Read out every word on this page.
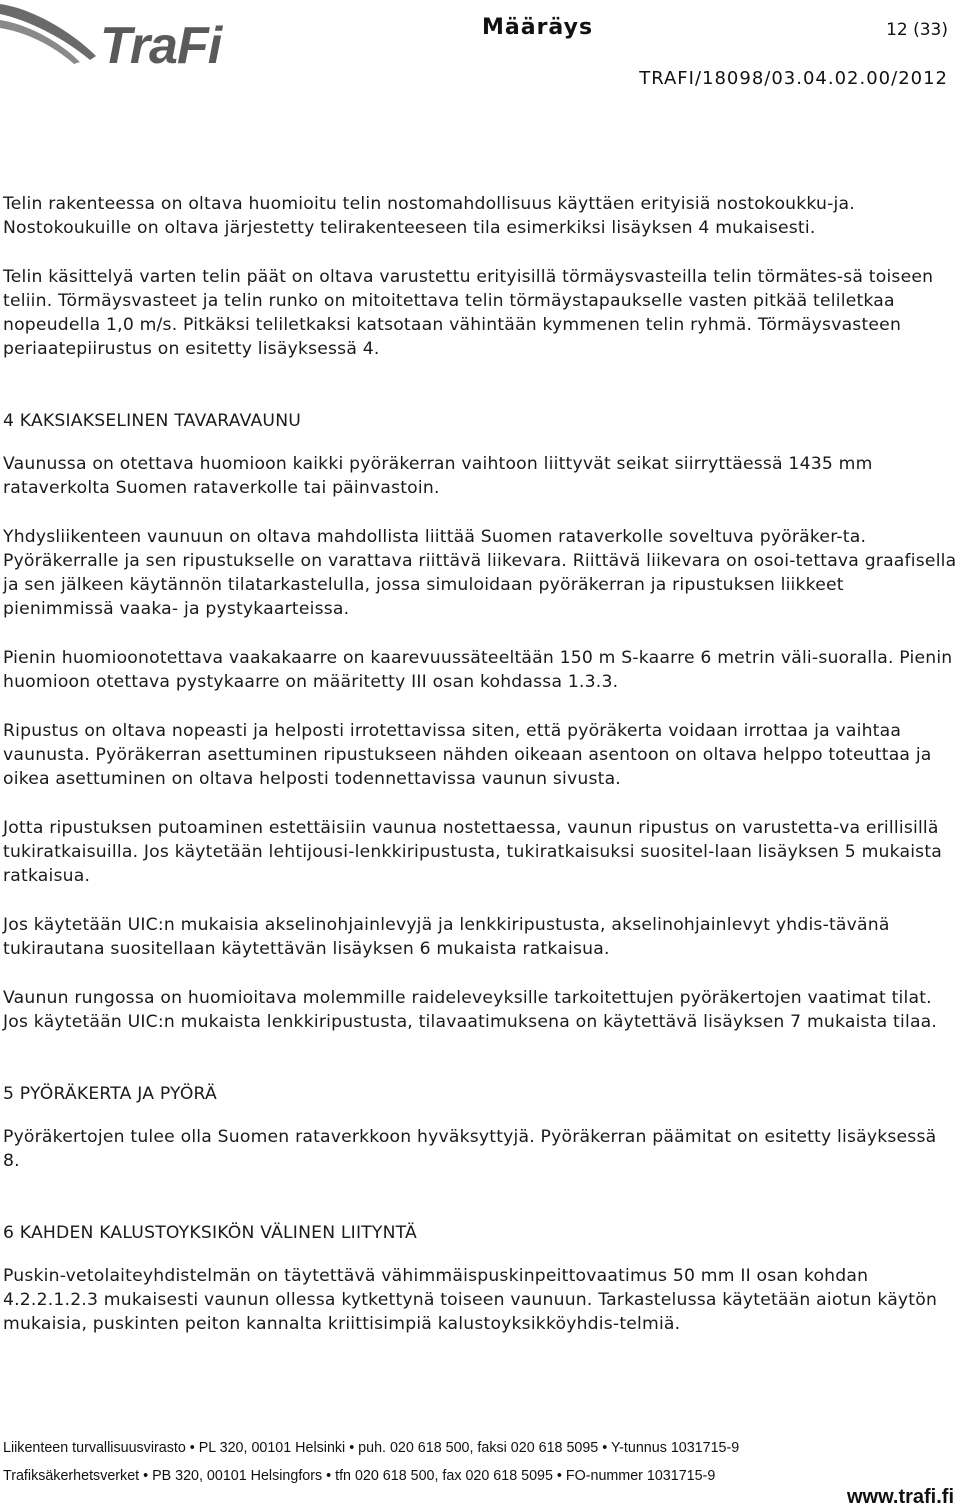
TraFi	Määräys	12 (33)
TRAFI/18098/03.04.02.00/2012

Telin rakenteessa on oltava huomioitu telin nostomahdollisuus käyttäen erityisiä nostokoukku-ja. Nostokoukuille on oltava järjestetty telirakenteeseen tila esimerkiksi lisäyksen 4 mukaisesti.

Telin käsittelyä varten telin päät on oltava varustettu erityisillä törmäysvasteilla telin törmätes-sä toiseen teliin. Törmäysvasteet ja telin runko on mitoitettava telin törmäystapaukselle vasten pitkää teliletkaa nopeudella 1,0 m/s. Pitkäksi teliletkaksi katsotaan vähintään kymmenen telin ryhmä. Törmäysvasteen periaatepiirustus on esitetty lisäyksessä 4.

4 KAKSIAKSELINEN TAVARAVAUNU

Vaunussa on otettava huomioon kaikki pyöräkerran vaihtoon liittyvät seikat siirryttäessä 1435 mm rataverkolta Suomen rataverkolle tai päinvastoin.

Yhdysliikenteen vaunuun on oltava mahdollista liittää Suomen rataverkolle soveltuva pyöräker-ta. Pyöräkerralle ja sen ripustukselle on varattava riittävä liikevara. Riittävä liikevara on osoi-tettava graafisella ja sen jälkeen käytännön tilatarkastelulla, jossa simuloidaan pyöräkerran ja ripustuksen liikkeet pienimmissä vaaka- ja pystykaarteissa.

Pienin huomioonotettava vaakakaarre on kaarevuussäteeltään 150 m S-kaarre 6 metrin väli-suoralla. Pienin huomioon otettava pystykaarre on määritetty III osan kohdassa 1.3.3.

Ripustus on oltava nopeasti ja helposti irrotettavissa siten, että pyöräkerta voidaan irrottaa ja vaihtaa vaunusta. Pyöräkerran asettuminen ripustukseen nähden oikeaan asentoon on oltava helppo toteuttaa ja oikea asettuminen on oltava helposti todennettavissa vaunun sivusta.

Jotta ripustuksen putoaminen estettäisiin vaunua nostettaessa, vaunun ripustus on varustetta-va erillisillä tukiratkaisuilla. Jos käytetään lehtijousi-lenkkiripustusta, tukiratkaisuksi suositel-laan lisäyksen 5 mukaista ratkaisua.

Jos käytetään UIC:n mukaisia akselinohjainlevyjä ja lenkkiripustusta, akselinohjainlevyt yhdis-tävänä tukirautana suositellaan käytettävän lisäyksen 6 mukaista ratkaisua.

Vaunun rungossa on huomioitava molemmille raideleveyksille tarkoitettujen pyöräkertojen vaatimat tilat. Jos käytetään UIC:n mukaista lenkkiripustusta, tilavaatimuksena on käytettävä lisäyksen 7 mukaista tilaa.

5 PYÖRÄKERTA JA PYÖRÄ

Pyöräkertojen tulee olla Suomen rataverkkoon hyväksyttyjä. Pyöräkerran päämitat on esitetty lisäyksessä 8.

6 KAHDEN KALUSTOYKSIKÖN VÄLINEN LIITYNTÄ

Puskin-vetolaiteyhdistelmän on täytettävä vähimmäispuskinpeittovaatimus 50 mm II osan kohdan 4.2.2.1.2.3 mukaisesti vaunun ollessa kytkettynä toiseen vaunuun. Tarkastelussa käytetään aiotun käytön mukaisia, puskinten peiton kannalta kriittisimpiä kalustoyksikköyhdis-telmiä.

Liikenteen turvallisuusvirasto • PL 320, 00101 Helsinki • puh. 020 618 500, faksi 020 618 5095 • Y-tunnus 1031715-9
Trafiksäkerhetsverket • PB 320, 00101 Helsingfors • tfn 020 618 500, fax 020 618 5095 • FO-nummer 1031715-9
www.trafi.fi
